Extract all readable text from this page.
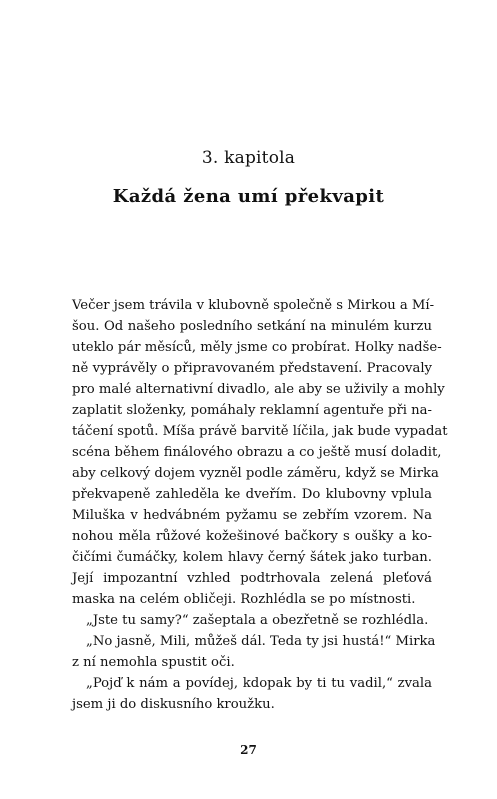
3. kapitola
Každá žena umí překvapit
Večer jsem trávila v klubovně společně s Mirkou a Mí-
šou. Od našeho posledního setkání na minulém kurzu
uteklo pár měsíců, měly jsme co probírat. Holky nadše-
ně vyprávěly o připravovaném představení. Pracovaly
pro malé alternativní divadlo, ale aby se uživily a mohly
zaplatit složenky, pomáhaly reklamní agentuře při na-
táčení spotů. Míša právě barvitě líčila, jak bude vypadat
scéna během finálového obrazu a co ještě musí doladit,
aby celkový dojem vyzněl podle záměru, když se Mirka
překvapeně zahleděla ke dveřím. Do klubovny vplula
Miluška v hedvábném pyžamu se zebřím vzorem. Na
nohou měla růžové kožešinové bačkory s oušky a ko-
čičími čumáčky, kolem hlavy černý šátek jako turban.
Její impozantní vzhled podtrhovala zelená pleťová
maska na celém obličeji. Rozhlédla se po místnosti.
„Jste tu samy?“ zašeptala a obezřetně se rozhlédla.
„No jasně, Mili, můžeš dál. Teda ty jsi hustá!“ Mirka
z ní nemohla spustit oči.
„Pojď k nám a povídej, kdopak by ti tu vadil,“ zvala
jsem ji do diskusního kroužku.
27
